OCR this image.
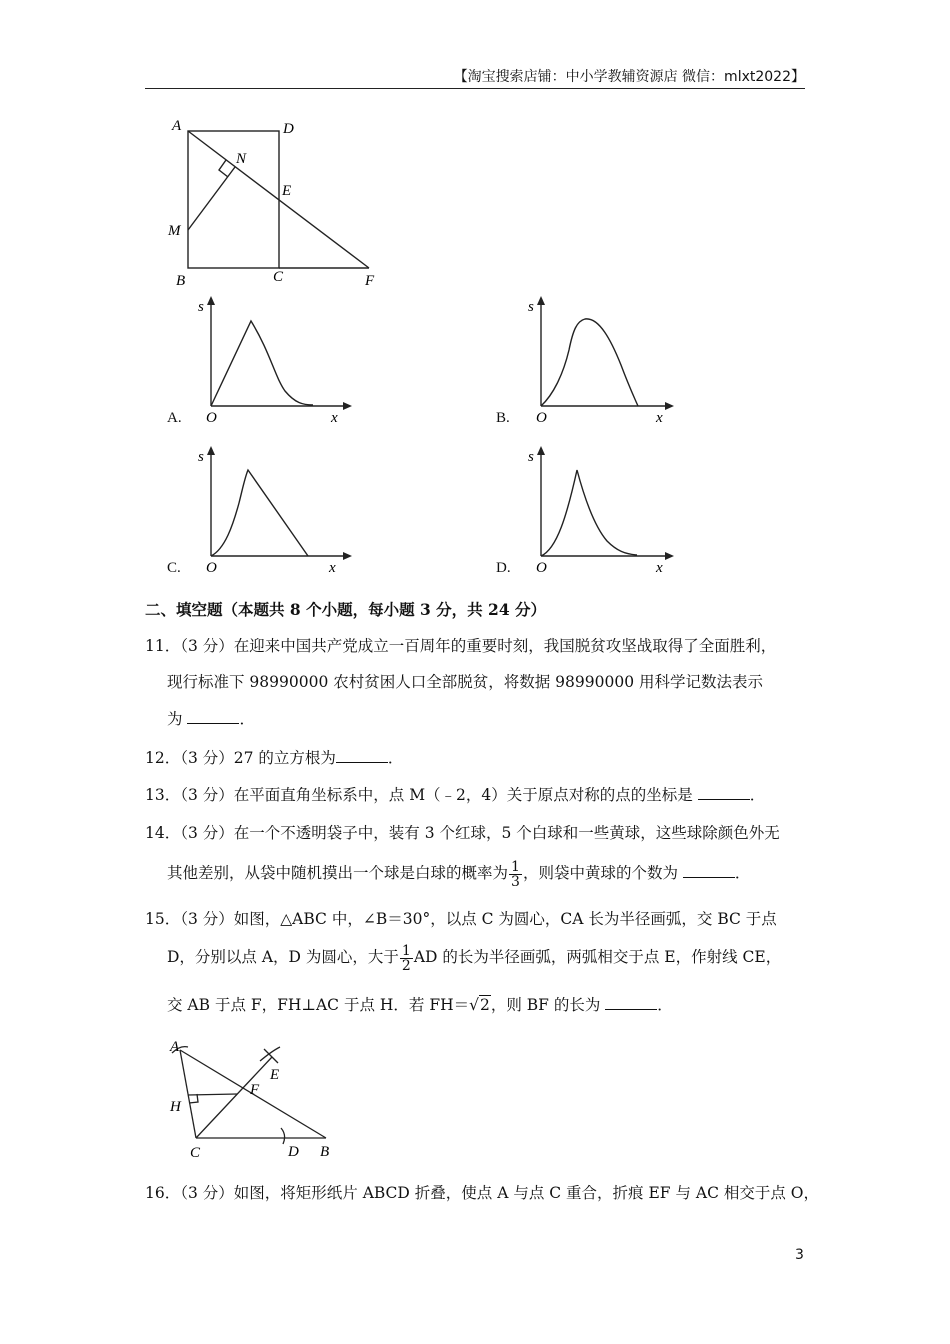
【淘宝搜索店铺：中小学教辅资源店 微信：mlxt2022】
A	D
N
E
M
B	C	F
A.
s
O	x	B.
s
O	x
C.
s
O	x	D.
s
O	x
二、填空题（本题共 8 个小题，每小题 3 分，共 24 分）
11．（3 分）在迎来中国共产党成立一百周年的重要时刻，我国脱贫攻坚战取得了全面胜利，
现行标准下 98990000 农村贫困人口全部脱贫，将数据 98990000 用科学记数法表示
为	．
12．（3 分）27 的立方根为	．
13．（3 分）在平面直角坐标系中，点 M（﹣2，4）关于原点对称的点的坐标是	．
14．（3 分）在一个不透明袋子中，装有 3 个红球，5 个白球和一些黄球，这些球除颜色外无
其他差别，从袋中随机摸出一个球是白球的概率为 $\frac{1}{3}$ ，则袋中黄球的个数为	．
15．（3 分）如图，△ABC 中，∠B＝30°，以点 C 为圆心，CA 长为半径画弧，交 BC 于点
D，分别以点 A，D 为圆心，大于 $\frac{1}{2}$ AD 的长为半径画弧，两弧相交于点 E，作射线 CE，
交 AB 于点 F，FH⊥AC 于点 H．若 FH＝√2，则 BF 的长为	．
A
E
F
H
C	D B
16．（3 分）如图，将矩形纸片 ABCD 折叠，使点 A 与点 C 重合，折痕 EF 与 AC 相交于点 O，
3
